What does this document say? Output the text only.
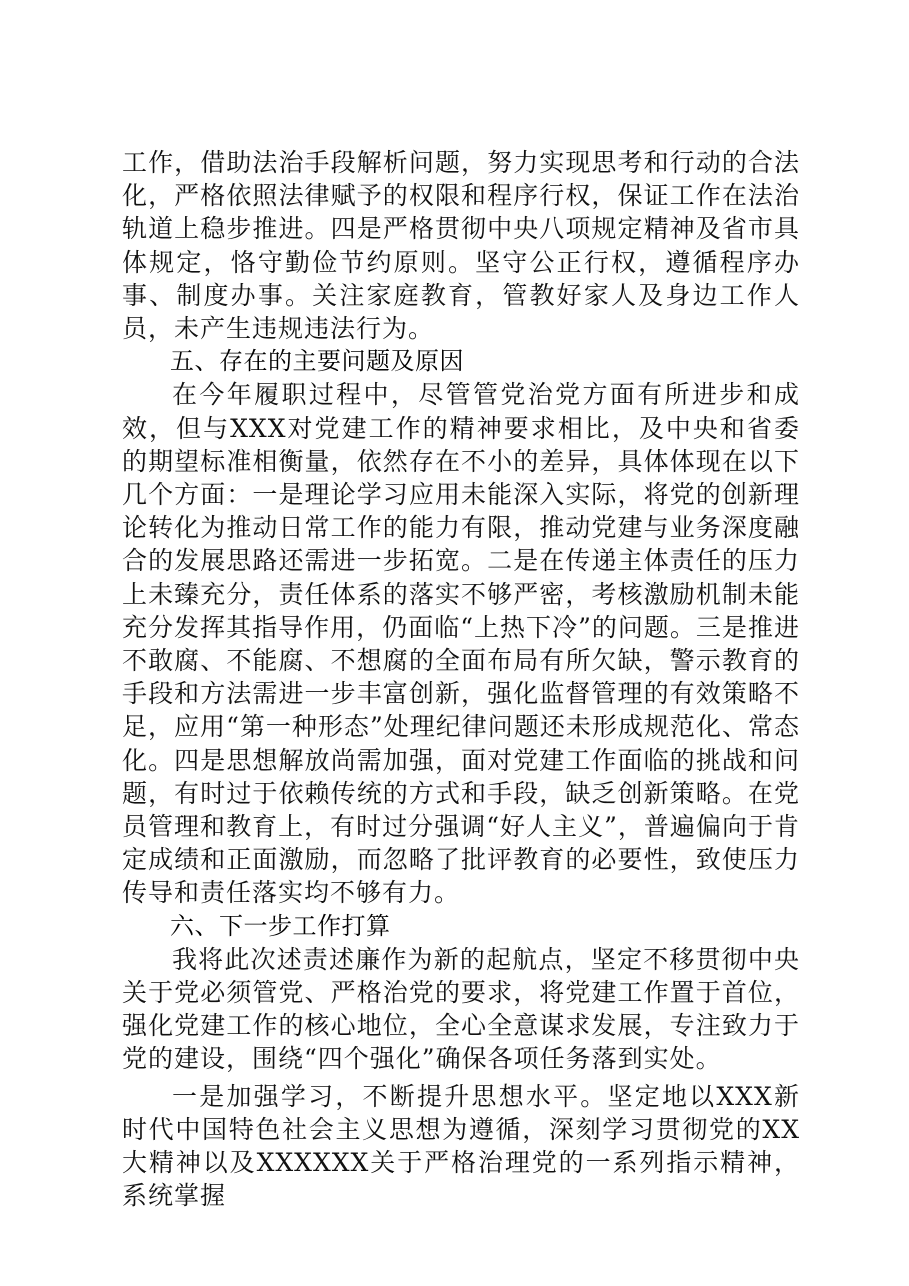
工作，借助法治手段解析问题，努力实现思考和行动的合法化，严格依照法律赋予的权限和程序行权，保证工作在法治轨道上稳步推进。四是严格贯彻中央八项规定精神及省市具体规定，恪守勤俭节约原则。坚守公正行权，遵循程序办事、制度办事。关注家庭教育，管教好家人及身边工作人员，未产生违规违法行为。

五、存在的主要问题及原因

在今年履职过程中，尽管管党治党方面有所进步和成效，但与XXX对党建工作的精神要求相比，及中央和省委的期望标准相衡量，依然存在不小的差异，具体体现在以下几个方面：一是理论学习应用未能深入实际，将党的创新理论转化为推动日常工作的能力有限，推动党建与业务深度融合的发展思路还需进一步拓宽。二是在传递主体责任的压力上未臻充分，责任体系的落实不够严密，考核激励机制未能充分发挥其指导作用，仍面临“上热下冷”的问题。三是推进不敢腐、不能腐、不想腐的全面布局有所欠缺，警示教育的手段和方法需进一步丰富创新，强化监督管理的有效策略不足，应用“第一种形态”处理纪律问题还未形成规范化、常态化。四是思想解放尚需加强，面对党建工作面临的挑战和问题，有时过于依赖传统的方式和手段，缺乏创新策略。在党员管理和教育上，有时过分强调“好人主义”，普遍偏向于肯定成绩和正面激励，而忽略了批评教育的必要性，致使压力传导和责任落实均不够有力。

六、下一步工作打算

我将此次述责述廉作为新的起航点，坚定不移贯彻中央关于党必须管党、严格治党的要求，将党建工作置于首位，强化党建工作的核心地位，全心全意谋求发展，专注致力于党的建设，围绕“四个强化”确保各项任务落到实处。

一是加强学习，不断提升思想水平。坚定地以XXX新时代中国特色社会主义思想为遵循，深刻学习贯彻党的XX大精神以及XXXXXX关于严格治理党的一系列指示精神，系统掌握
